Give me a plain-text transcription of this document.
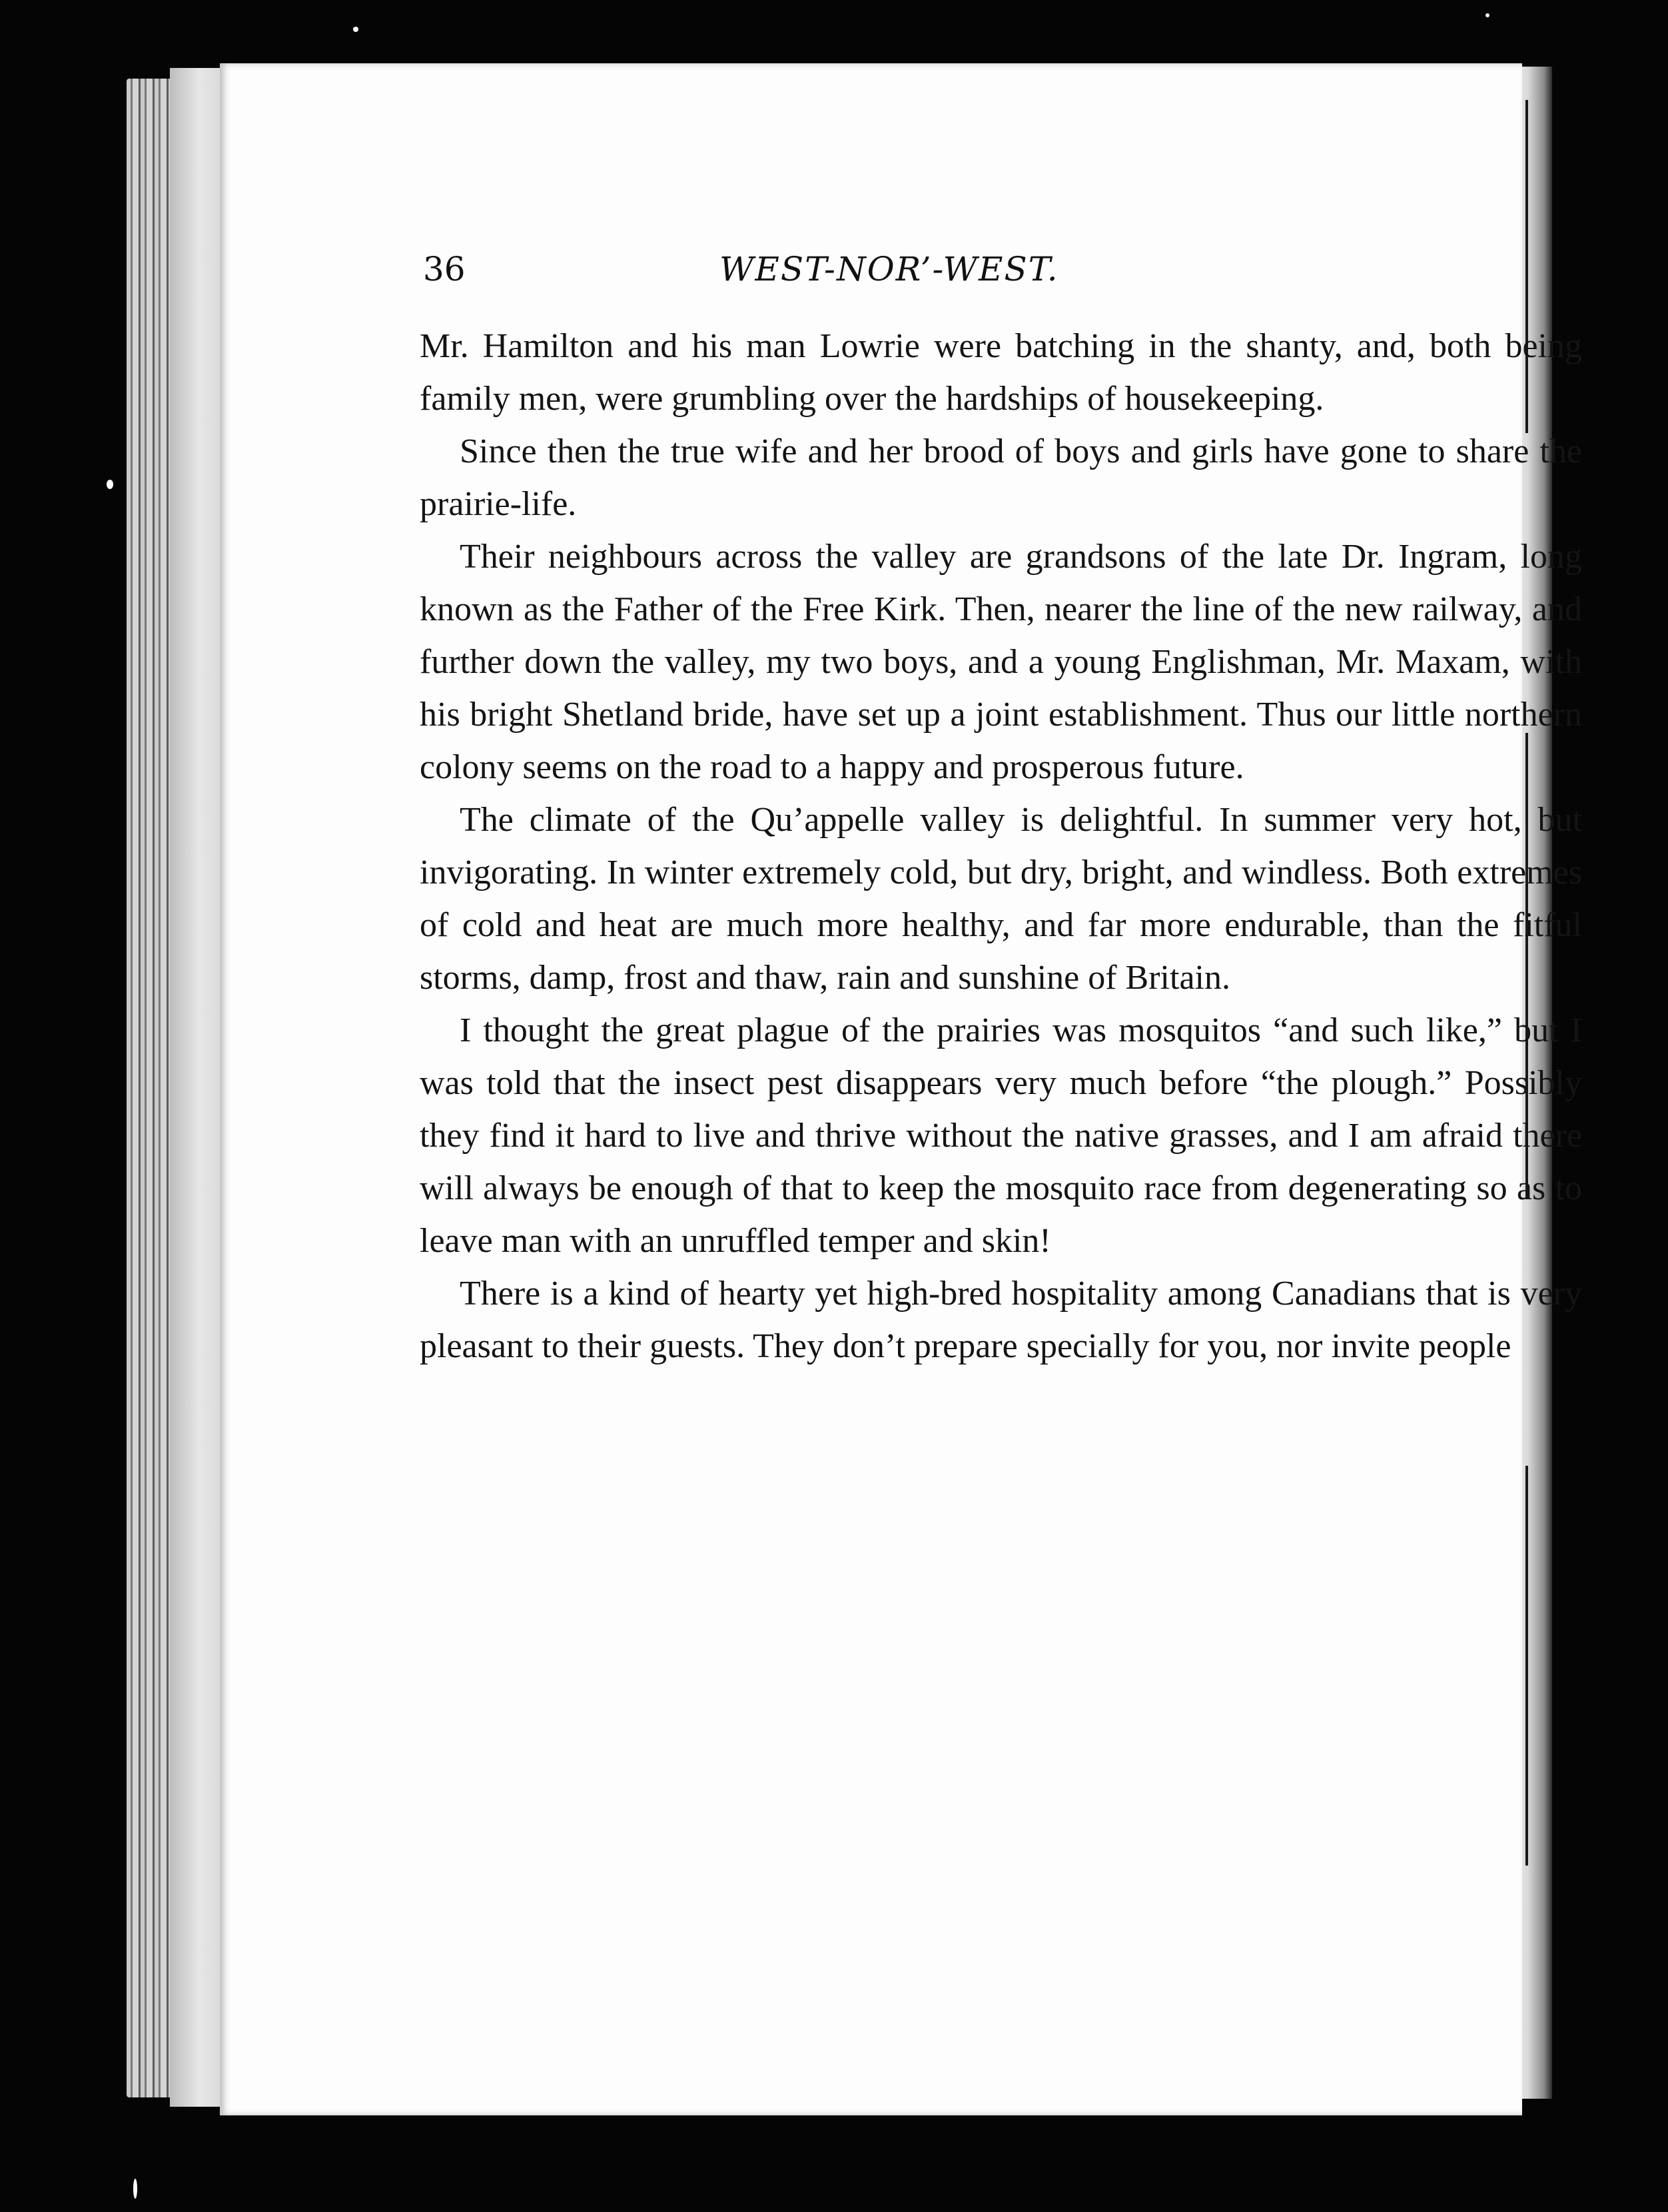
36	WEST-NOR’-WEST.

Mr. Hamilton and his man Lowrie were batching in the shanty, and, both being family men, were grumbling over the hardships of housekeeping.

Since then the true wife and her brood of boys and girls have gone to share the prairie-life.

Their neighbours across the valley are grandsons of the late Dr. Ingram, long known as the Father of the Free Kirk. Then, nearer the line of the new railway, and further down the valley, my two boys, and a young Englishman, Mr. Maxam, with his bright Shetland bride, have set up a joint establishment. Thus our little northern colony seems on the road to a happy and prosperous future.

The climate of the Qu’appelle valley is delightful. In summer very hot, but invigorating. In winter extremely cold, but dry, bright, and windless. Both extremes of cold and heat are much more healthy, and far more endurable, than the fitful storms, damp, frost and thaw, rain and sunshine of Britain.

I thought the great plague of the prairies was mosquitos “and such like,” but I was told that the insect pest disappears very much before “the plough.” Possibly they find it hard to live and thrive without the native grasses, and I am afraid there will always be enough of that to keep the mosquito race from degenerating so as to leave man with an unruffled temper and skin!

There is a kind of hearty yet high-bred hospitality among Canadians that is very pleasant to their guests. They don’t prepare specially for you, nor invite people
